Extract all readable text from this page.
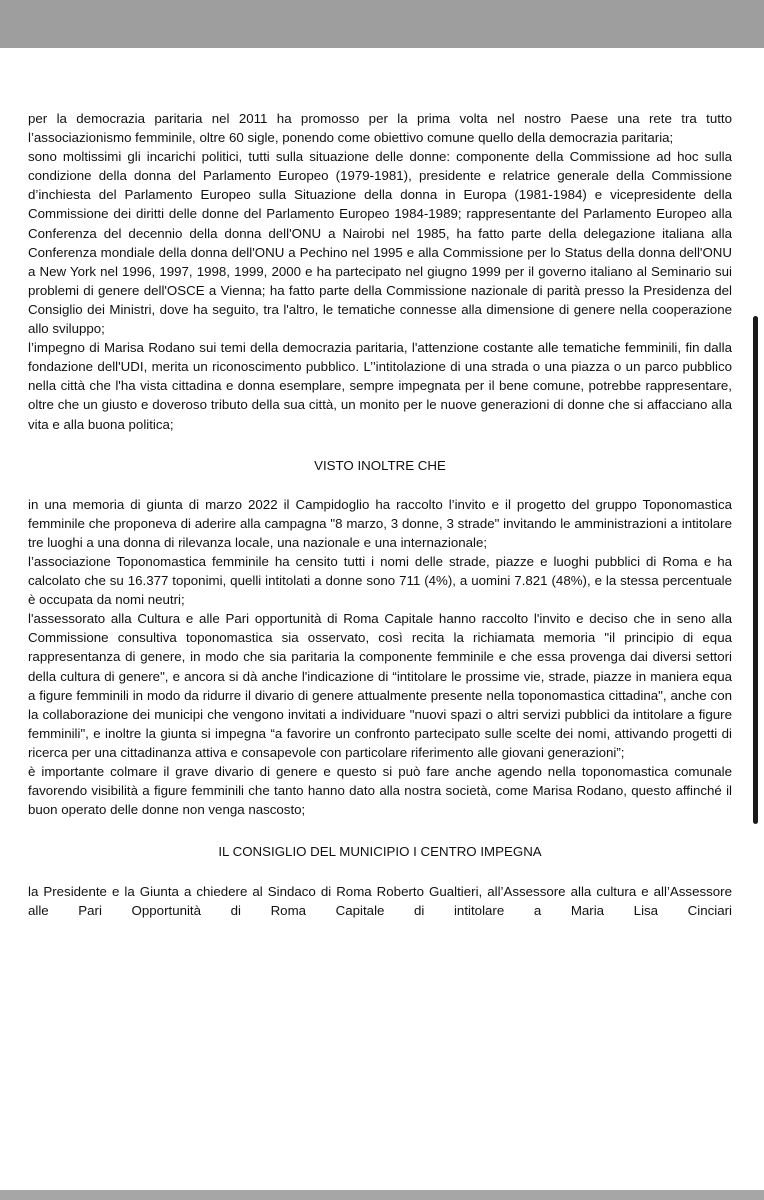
per la democrazia paritaria nel 2011 ha promosso per la prima volta nel nostro Paese una rete tra tutto l’associazionismo femminile, oltre 60 sigle, ponendo come obiettivo comune quello della democrazia paritaria;

sono moltissimi gli incarichi politici, tutti sulla situazione delle donne: componente della Commissione ad hoc sulla condizione della donna del Parlamento Europeo (1979-1981), presidente e relatrice generale della Commissione d’inchiesta del Parlamento Europeo sulla Situazione della donna in Europa (1981-1984) e vicepresidente della Commissione dei diritti delle donne del Parlamento Europeo 1984-1989; rappresentante del Parlamento Europeo alla Conferenza del decennio della donna dell'ONU a Nairobi nel 1985, ha fatto parte della delegazione italiana alla Conferenza mondiale della donna dell'ONU a Pechino nel 1995 e alla Commissione per lo Status della donna dell'ONU a New York nel 1996, 1997, 1998, 1999, 2000 e ha partecipato nel giugno 1999 per il governo italiano al Seminario sui problemi di genere dell'OSCE a Vienna; ha fatto parte della Commissione nazionale di parità presso la Presidenza del Consiglio dei Ministri, dove ha seguito, tra l'altro, le tematiche connesse alla dimensione di genere nella cooperazione allo sviluppo;

l’impegno di Marisa Rodano sui temi della democrazia paritaria, l'attenzione costante alle tematiche femminili, fin dalla fondazione dell'UDI, merita un riconoscimento pubblico. L’'intitolazione di una strada o una piazza o un parco pubblico nella città che l'ha vista cittadina e donna esemplare, sempre impegnata per il bene comune, potrebbe rappresentare, oltre che un giusto e doveroso tributo della sua città, un monito per le nuove generazioni di donne che si affacciano alla vita e alla buona politica;

VISTO INOLTRE CHE

in una memoria di giunta di marzo 2022 il Campidoglio ha raccolto l’invito e il progetto del gruppo Toponomastica femminile che proponeva di aderire alla campagna "8 marzo, 3 donne, 3 strade" invitando le amministrazioni a intitolare tre luoghi a una donna di rilevanza locale, una nazionale e una internazionale;

l’associazione Toponomastica femminile ha censito tutti i nomi delle strade, piazze e luoghi pubblici di Roma e ha calcolato che su 16.377 toponimi, quelli intitolati a donne sono 711 (4%), a uomini 7.821 (48%), e la stessa percentuale è occupata da nomi neutri;

l'assessorato alla Cultura e alle Pari opportunità di Roma Capitale hanno raccolto l'invito e deciso che in seno alla Commissione consultiva toponomastica sia osservato, così recita la richiamata memoria "il principio di equa rappresentanza di genere, in modo che sia paritaria la componente femminile e che essa provenga dai diversi settori della cultura di genere", e ancora si dà anche l'indicazione di “intitolare le prossime vie, strade, piazze in maniera equa a figure femminili in modo da ridurre il divario di genere attualmente presente nella toponomastica cittadina", anche con la collaborazione dei municipi che vengono invitati a individuare "nuovi spazi o altri servizi pubblici da intitolare a figure femminili", e inoltre la giunta si impegna “a favorire un confronto partecipato sulle scelte dei nomi, attivando progetti di ricerca per una cittadinanza attiva e consapevole con particolare riferimento alle giovani generazioni”;

è importante colmare il grave divario di genere e questo si può fare anche agendo nella toponomastica comunale favorendo visibilità a figure femminili che tanto hanno dato alla nostra società, come Marisa Rodano, questo affinché il buon operato delle donne non venga nascosto;

IL CONSIGLIO DEL MUNICIPIO I CENTRO IMPEGNA

la Presidente e la Giunta a chiedere al Sindaco di Roma Roberto Gualtieri, all’Assessore alla cultura e all’Assessore alle Pari Opportunità di Roma Capitale di intitolare a Maria Lisa Cinciari
